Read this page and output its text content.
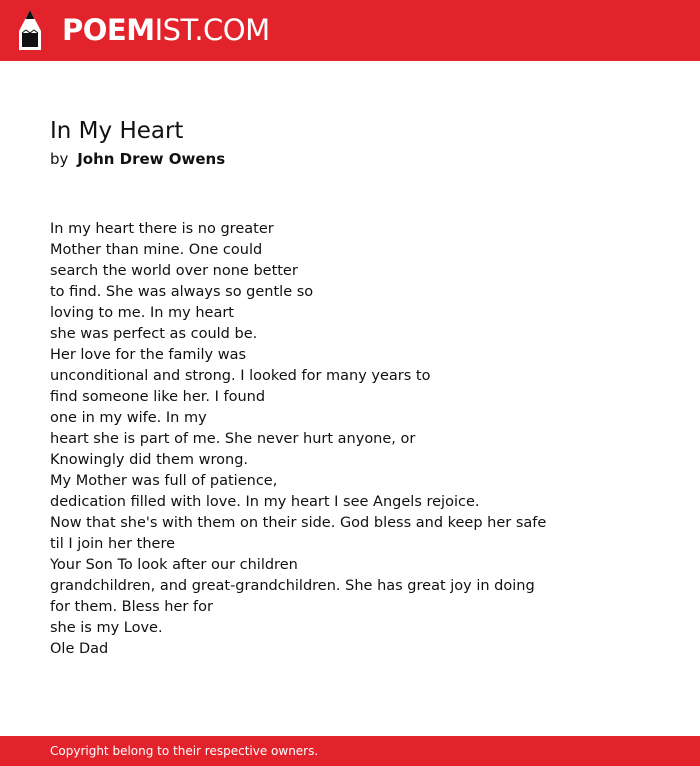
POEMIST.COM
In My Heart
by John Drew Owens
In my heart there is no greater
Mother than mine. One could
search the world over none better
to find. She was always so gentle so
loving to me. In my heart
she was perfect as could be.
Her love for the family was
unconditional and strong. I looked for many years to
find someone like her. I found
one in my wife. In my
heart she is part of me. She never hurt anyone, or
Knowingly did them wrong.
My Mother was full of patience,
dedication filled with love. In my heart I see Angels rejoice.
Now that she's with them on their side. God bless and keep her safe
til I join her there
Your Son To look after our children
grandchildren, and great-grandchildren. She has great joy in doing
for them. Bless her for
she is my Love.
Ole Dad
Copyright belong to their respective owners.
